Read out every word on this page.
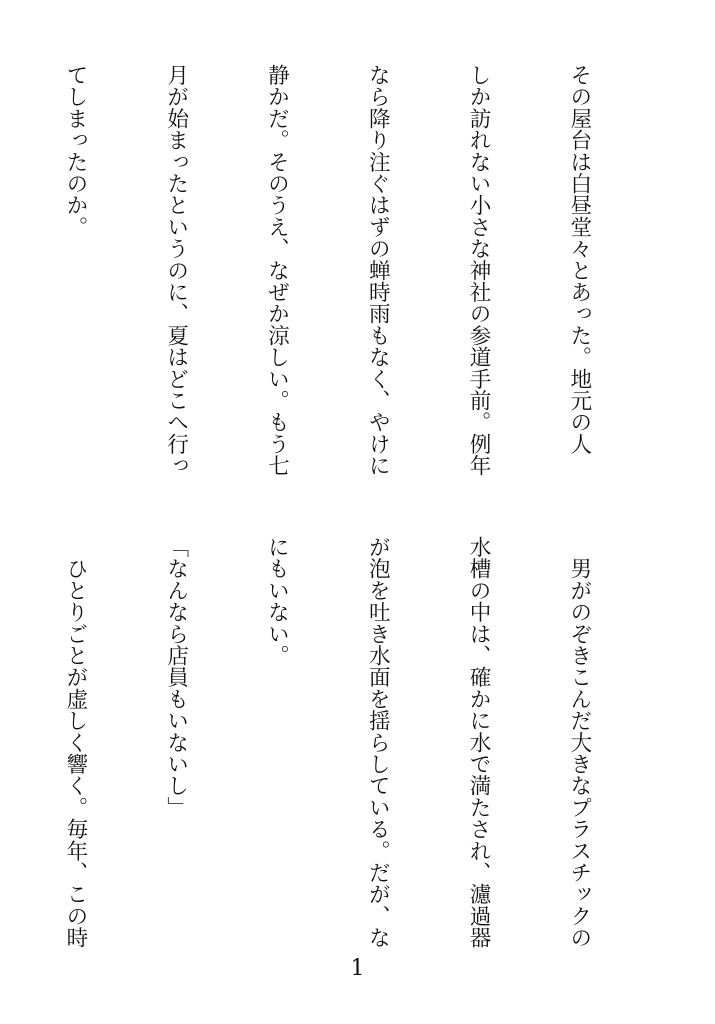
その屋台は白昼堂々とあった。地元の人

しか訪れない小さな神社の参道手前。例年

なら降り注ぐはずの蝉時雨もなく、やけに

静かだ。そのうえ、なぜか涼しい。もう七

月が始まったというのに、夏はどこへ行っ

てしまったのか。

　男がのぞきこんだ大きなプラスチックの

水槽の中は、確かに水で満たされ、濾過器

が泡を吐き水面を揺らしている。だが、な

にもいない。

「なんなら店員もいないし」

　ひとりごとが虚しく響く。毎年、この時

1
